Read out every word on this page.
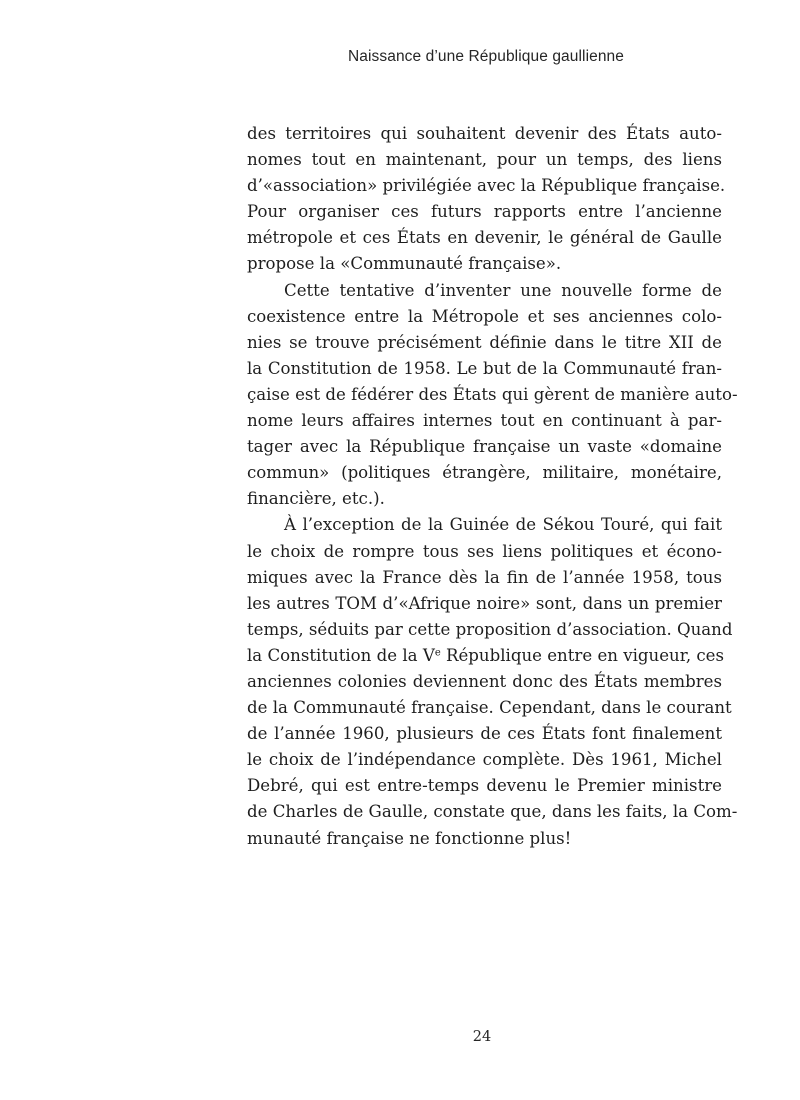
Naissance d’une République gaullienne

des territoires qui souhaitent devenir des États auto-
nomes tout en maintenant, pour un temps, des liens
d’«association» privilégiée avec la République française.
Pour organiser ces futurs rapports entre l’ancienne
métropole et ces États en devenir, le général de Gaulle
propose la «Communauté française».

Cette tentative d’inventer une nouvelle forme de
coexistence entre la Métropole et ses anciennes colo-
nies se trouve précisément définie dans le titre XII de
la Constitution de 1958. Le but de la Communauté fran-
çaise est de fédérer des États qui gèrent de manière auto-
nome leurs affaires internes tout en continuant à par-
tager avec la République française un vaste «domaine
commun» (politiques étrangère, militaire, monétaire,
financière, etc.).

À l’exception de la Guinée de Sékou Touré, qui fait
le choix de rompre tous ses liens politiques et écono-
miques avec la France dès la fin de l’année 1958, tous
les autres TOM d’«Afrique noire» sont, dans un premier
temps, séduits par cette proposition d’association. Quand
la Constitution de la Ve République entre en vigueur, ces
anciennes colonies deviennent donc des États membres
de la Communauté française. Cependant, dans le courant
de l’année 1960, plusieurs de ces États font finalement
le choix de l’indépendance complète. Dès 1961, Michel
Debré, qui est entre-temps devenu le Premier ministre
de Charles de Gaulle, constate que, dans les faits, la Com-
munauté française ne fonctionne plus!

24
